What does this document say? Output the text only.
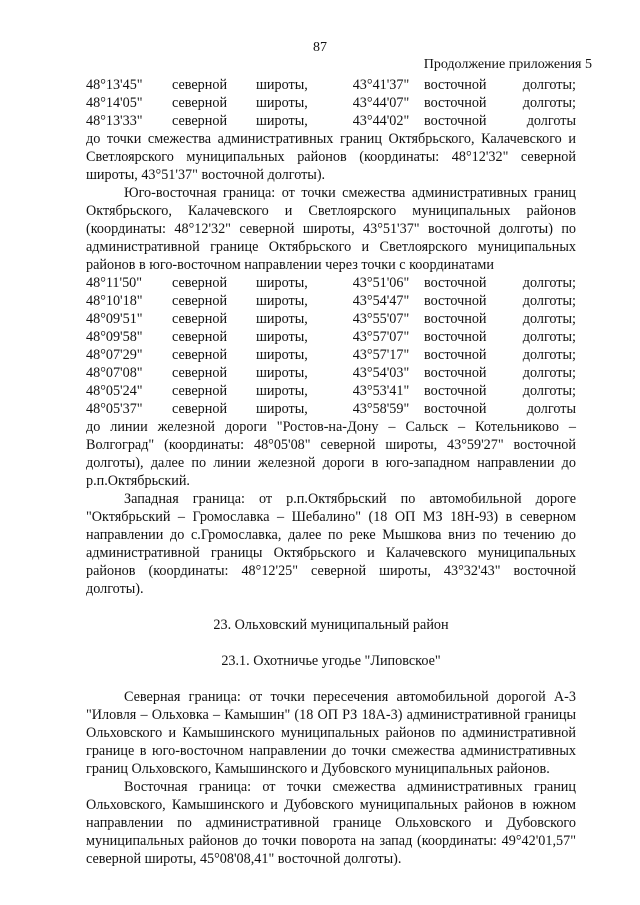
87
Продолжение приложения 5
48°13'45"	северной	широты,	43°41'37"	восточной	долготы;
48°14'05"	северной	широты,	43°44'07"	восточной	долготы;
48°13'33"	северной	широты,	43°44'02"	восточной	долготы

до точки смежества административных границ Октябрьского, Калачевского и Светлоярского муниципальных районов (координаты: 48°12'32" северной широты, 43°51'37" восточной долготы).

Юго-восточная граница: от точки смежества административных границ Октябрьского, Калачевского и Светлоярского муниципальных районов (координаты: 48°12'32" северной широты, 43°51'37" восточной долготы) по административной границе Октябрьского и Светлоярского муниципальных районов в юго-восточном направлении через точки с координатами

48°11'50"	северной	широты,	43°51'06"	восточной	долготы;
48°10'18"	северной	широты,	43°54'47"	восточной	долготы;
48°09'51"	северной	широты,	43°55'07"	восточной	долготы;
48°09'58"	северной	широты,	43°57'07"	восточной	долготы;
48°07'29"	северной	широты,	43°57'17"	восточной	долготы;
48°07'08"	северной	широты,	43°54'03"	восточной	долготы;
48°05'24"	северной	широты,	43°53'41"	восточной	долготы;
48°05'37"	северной	широты,	43°58'59"	восточной	долготы

до линии железной дороги "Ростов-на-Дону – Сальск – Котельниково – Волгоград" (координаты: 48°05'08" северной широты, 43°59'27" восточной долготы), далее по линии железной дороги в юго-западном направлении до р.п.Октябрьский.

Западная граница: от р.п.Октябрьский по автомобильной дороге "Октябрьский – Громославка – Шебалино" (18 ОП МЗ 18Н-93) в северном направлении до с.Громославка, далее по реке Мышкова вниз по течению до административной границы Октябрьского и Калачевского муниципальных районов (координаты: 48°12'25" северной широты, 43°32'43" восточной долготы).

23. Ольховский муниципальный район
23.1. Охотничье угодье "Липовское"

Северная граница: от точки пересечения автомобильной дорогой А-3 "Иловля – Ольховка – Камышин" (18 ОП РЗ 18А-3) административной границы Ольховского и Камышинского муниципальных районов по административной границе в юго-восточном направлении до точки смежества административных границ Ольховского, Камышинского и Дубовского муниципальных районов.

Восточная граница: от точки смежества административных границ Ольховского, Камышинского и Дубовского муниципальных районов в южном направлении по административной границе Ольховского и Дубовского муниципальных районов до точки поворота на запад (координаты: 49°42'01,57" северной широты, 45°08'08,41" восточной долготы).
